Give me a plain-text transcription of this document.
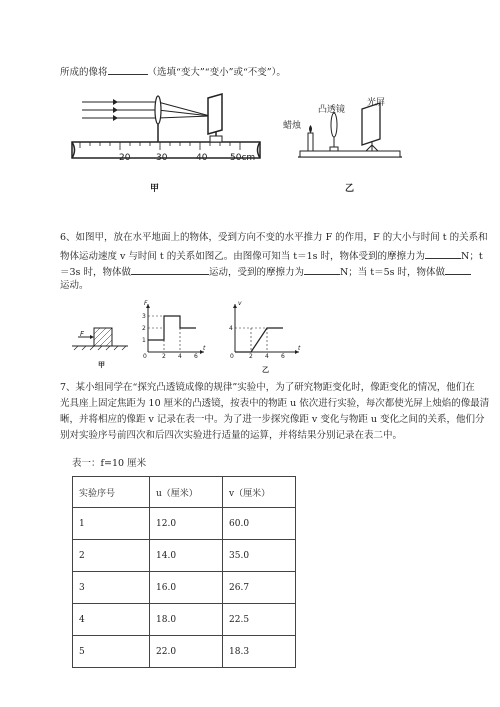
所成的像将	（选填“变大”“变小”或“不变”）。
20	30	40	50cm
甲
蜡烛
凸透镜
光屏
乙
6、如图甲，放在水平地面上的物体，受到方向不变的水平推力 F 的作用，F 的大小与时间 t 的关系和
物体运动速度 v 与时间 t 的关系如图乙。由图像可知当 t＝1s 时，物体受到的摩擦力为	N；t
＝3s 时，物体做	运动，受到的摩擦力为	N；当 t＝5s 时，物体做
运动。
F
甲
F
t
3
2
1
0	2 4 6
v
t
4
0	2 4 6
乙
7、某小组同学在“探究凸透镜成像的规律”实验中，为了研究物距变化时，像距变化的情况，他们在
光具座上固定焦距为 10 厘米的凸透镜，按表中的物距 u 依次进行实验，每次都使光屏上烛焰的像最清
晰，并将相应的像距 v 记录在表一中。为了进一步探究像距 v 变化与物距 u 变化之间的关系，他们分
别对实验序号前四次和后四次实验进行适量的运算，并将结果分别记录在表二中。
表一：f=10 厘米
实验序号	u（厘米）	v（厘米）
1	12.0	60.0
2	14.0	35.0
3	16.0	26.7
4	18.0	22.5
5	22.0	18.3
